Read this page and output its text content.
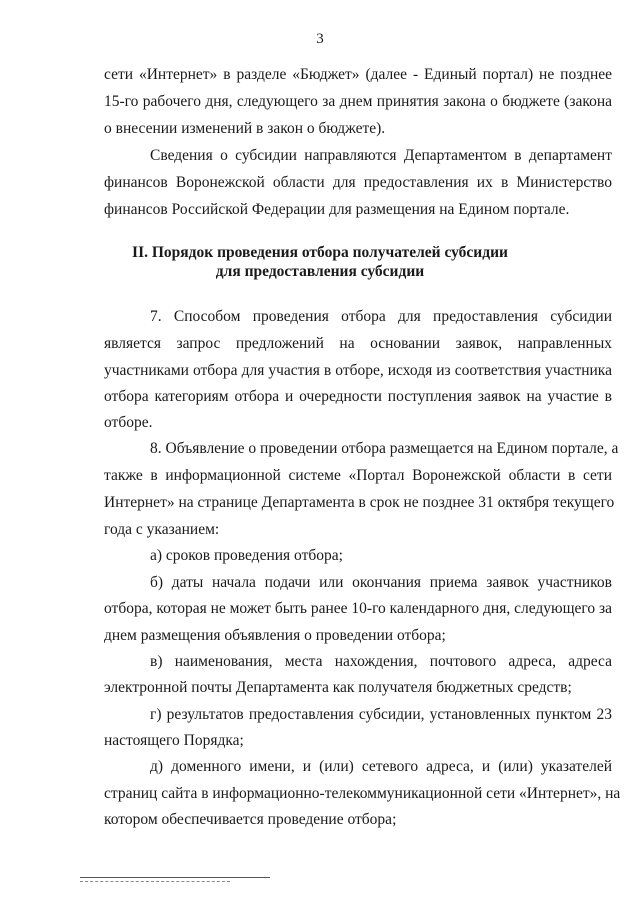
3
сети «Интернет» в разделе «Бюджет» (далее - Единый портал) не позднее
15-го рабочего дня, следующего за днем принятия закона о бюджете (закона
о внесении изменений в закон о бюджете).
Сведения о субсидии направляются Департаментом в департамент
финансов Воронежской области для предоставления их в Министерство
финансов Российской Федерации для размещения на Едином портале.
II. Порядок проведения отбора получателей субсидии
для предоставления субсидии
7. Способом проведения отбора для предоставления субсидии
является запрос предложений на основании заявок, направленных
участниками отбора для участия в отборе, исходя из соответствия участника
отбора категориям отбора и очередности поступления заявок на участие в
отборе.
8. Объявление о проведении отбора размещается на Едином портале, а
также в информационной системе «Портал Воронежской области в сети
Интернет» на странице Департамента в срок не позднее 31 октября текущего
года с указанием:
а) сроков проведения отбора;
б) даты начала подачи или окончания приема заявок участников
отбора, которая не может быть ранее 10-го календарного дня, следующего за
днем размещения объявления о проведении отбора;
в) наименования, места нахождения, почтового адреса, адреса
электронной почты Департамента как получателя бюджетных средств;
г) результатов предоставления субсидии, установленных пунктом 23
настоящего Порядка;
д) доменного имени, и (или) сетевого адреса, и (или) указателей
страниц сайта в информационно-телекоммуникационной сети «Интернет», на
котором обеспечивается проведение отбора;
